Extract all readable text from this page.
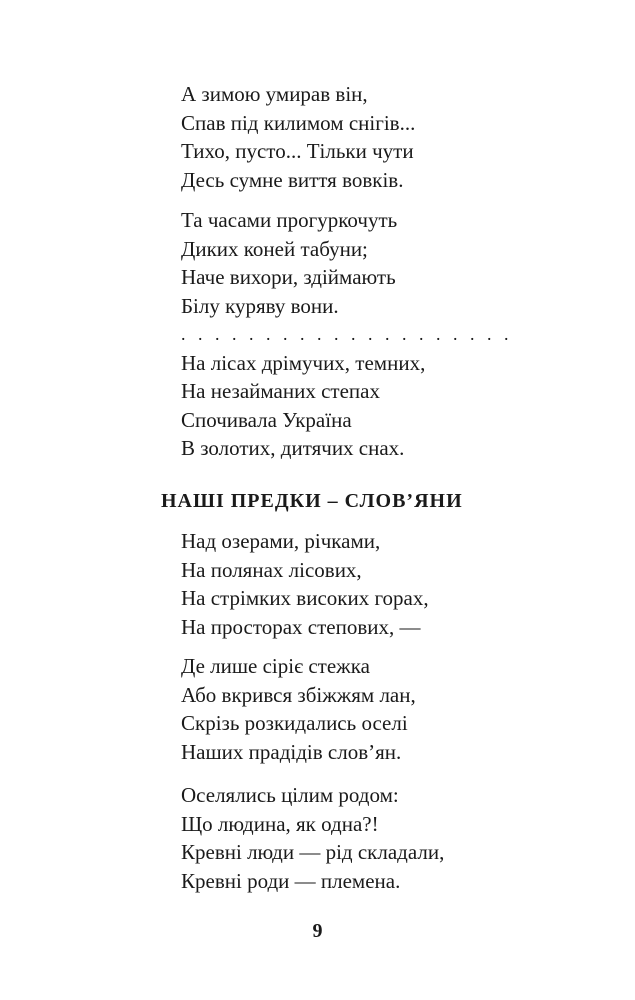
А зимою умирав він,
Спав під килимом снігів...
Тихо, пусто... Тільки чути
Десь сумне виття вовків.
Та часами прогуркочуть
Диких коней табуни;
Наче вихори, здіймають
Білу куряву вони.
. . . . . . . . . . . . . . . . . . . .
На лісах дрімучих, темних,
На незайманих степах
Спочивала Україна
В золотих, дитячих снах.
НАШІ ПРЕДКИ – СЛОВ’ЯНИ
Над озерами, річками,
На полянах лісових,
На стрімких високих горах,
На просторах степових, —
Де лише сіріє стежка
Або вкрився збіжжям лан,
Скрізь розкидались оселі
Наших прадідів слов’ян.
Оселялись цілим родом:
Що людина, як одна?!
Кревні люди — рід складали,
Кревні роди — племена.
9
